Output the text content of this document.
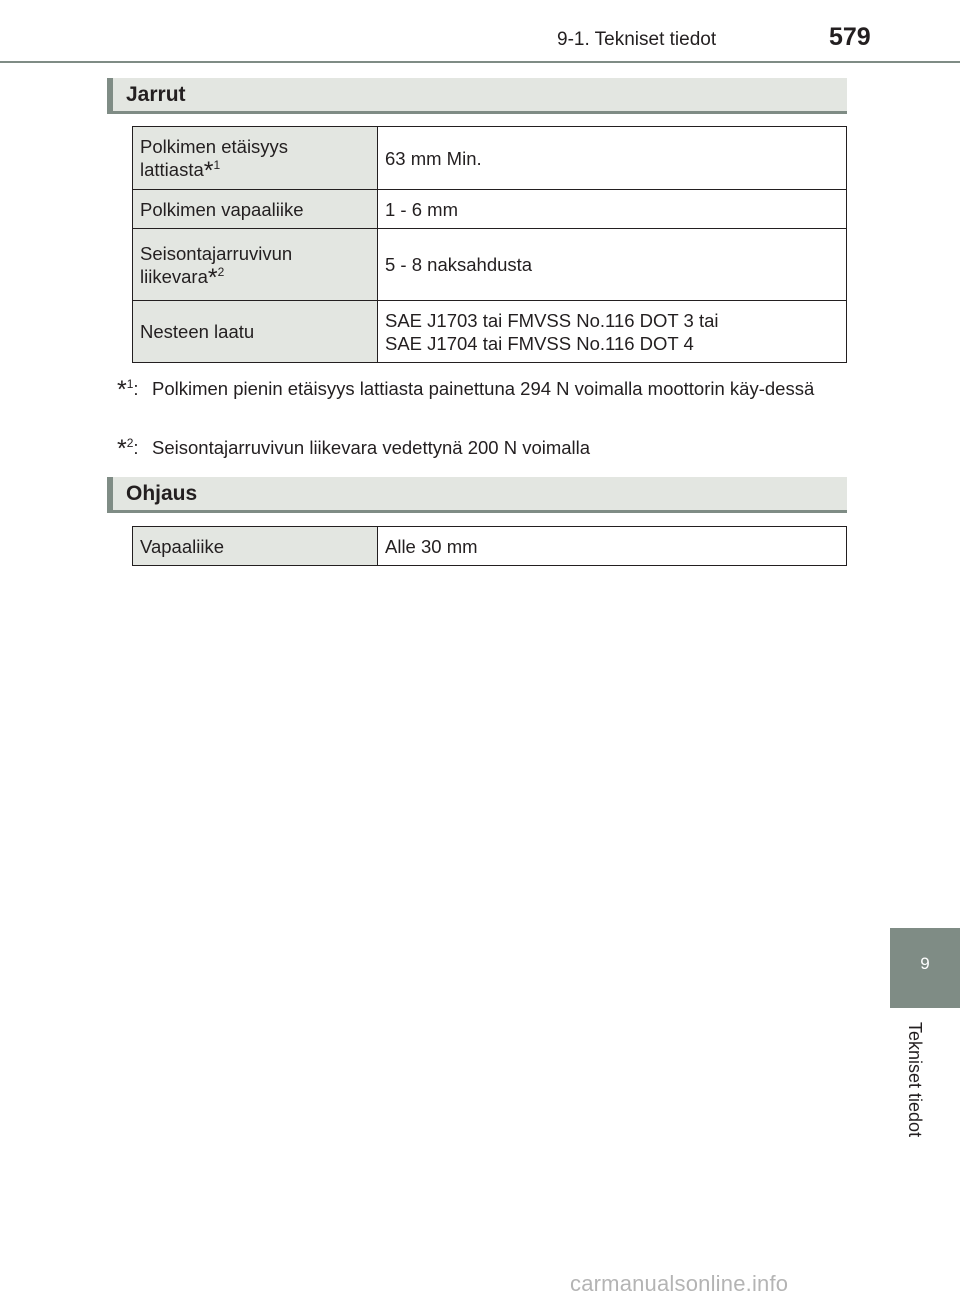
9-1. Tekniset tiedot	579
Jarrut
Polkimen etäisyys lattiasta*$^1$	63 mm Min.
Polkimen vapaaliike	1 - 6 mm
Seisontajarruvivun liikevara*$^2$	5 - 8 naksahdusta
Nesteen laatu	SAE J1703 tai FMVSS No.116 DOT 3 tai
SAE J1704 tai FMVSS No.116 DOT 4
*$^1$: Polkimen pienin etäisyys lattiasta painettuna 294 N voimalla moottorin käy-dessä
*$^2$: Seisontajarruvivun liikevara vedettynä 200 N voimalla
Ohjaus
Vapaaliike	Alle 30 mm
9
Tekniset tiedot
carmanualsonline.info
